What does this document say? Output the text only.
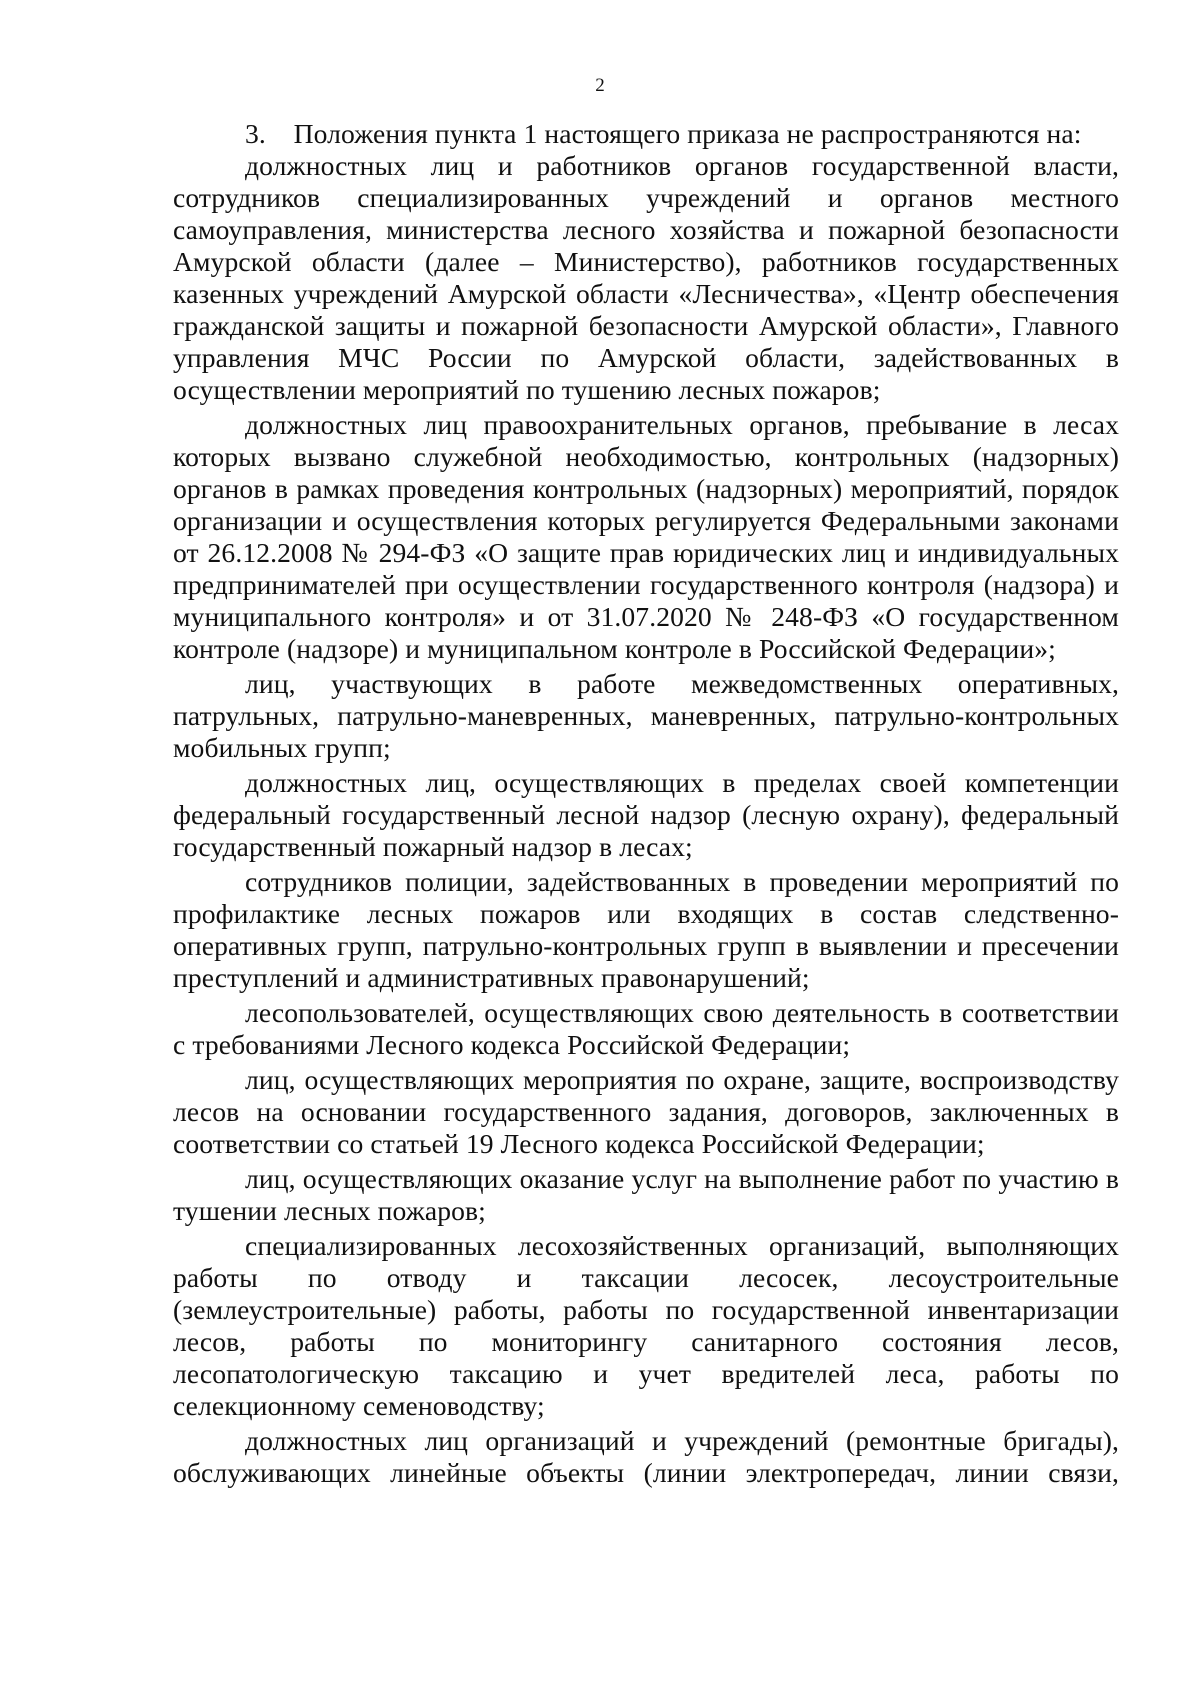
2

3. Положения пункта 1 настоящего приказа не распространяются на:

должностных лиц и работников органов государственной власти, сотрудников специализированных учреждений и органов местного самоуправления, министерства лесного хозяйства и пожарной безопасности Амурской области (далее – Министерство), работников государственных казенных учреждений Амурской области «Лесничества», «Центр обеспечения гражданской защиты и пожарной безопасности Амурской области», Главного управления МЧС России по Амурской области, задействованных в осуществлении мероприятий по тушению лесных пожаров;

должностных лиц правоохранительных органов, пребывание в лесах которых вызвано служебной необходимостью, контрольных (надзорных) органов в рамках проведения контрольных (надзорных) мероприятий, порядок организации и осуществления которых регулируется Федеральными законами от 26.12.2008 № 294-ФЗ «О защите прав юридических лиц и индивидуальных предпринимателей при осуществлении государственного контроля (надзора) и муниципального контроля» и от 31.07.2020 № 248-ФЗ «О государственном контроле (надзоре) и муниципальном контроле в Российской Федерации»;

лиц, участвующих в работе межведомственных оперативных, патрульных, патрульно-маневренных, маневренных, патрульно-контрольных мобильных групп;

должностных лиц, осуществляющих в пределах своей компетенции федеральный государственный лесной надзор (лесную охрану), федеральный государственный пожарный надзор в лесах;

сотрудников полиции, задействованных в проведении мероприятий по профилактике лесных пожаров или входящих в состав следственно-оперативных групп, патрульно-контрольных групп в выявлении и пресечении преступлений и административных правонарушений;

лесопользователей, осуществляющих свою деятельность в соответствии с требованиями Лесного кодекса Российской Федерации;

лиц, осуществляющих мероприятия по охране, защите, воспроизводству лесов на основании государственного задания, договоров, заключенных в соответствии со статьей 19 Лесного кодекса Российской Федерации;

лиц, осуществляющих оказание услуг на выполнение работ по участию в тушении лесных пожаров;

специализированных лесохозяйственных организаций, выполняющих работы по отводу и таксации лесосек, лесоустроительные (землеустроительные) работы, работы по государственной инвентаризации лесов, работы по мониторингу санитарного состояния лесов, лесопатологическую таксацию и учет вредителей леса, работы по селекционному семеноводству;

должностных лиц организаций и учреждений (ремонтные бригады), обслуживающих линейные объекты (линии электропередач, линии связи,
